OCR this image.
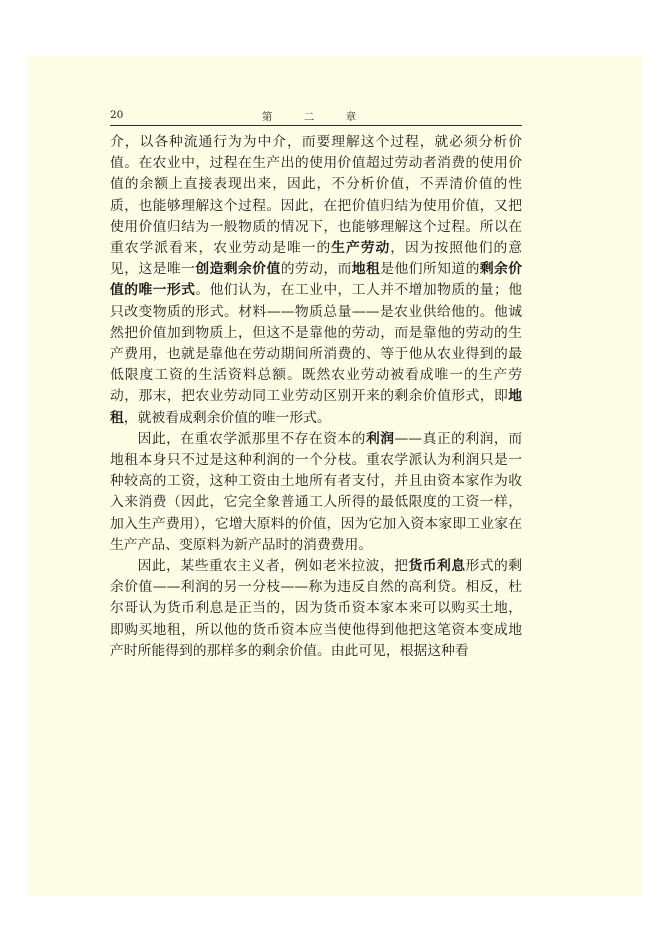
20	第 二 章

介，以各种流通行为为中介，而要理解这个过程，就必须分析价值。在农业中，过程在生产出的使用价值超过劳动者消费的使用价值的余额上直接表现出来，因此，不分析价值，不弄清价值的性质，也能够理解这个过程。因此，在把价值归结为使用价值，又把使用价值归结为一般物质的情况下，也能够理解这个过程。所以在重农学派看来，农业劳动是唯一的生产劳动，因为按照他们的意见，这是唯一创造剩余价值的劳动，而地租是他们所知道的剩余价值的唯一形式。他们认为，在工业中，工人并不增加物质的量；他只改变物质的形式。材料——物质总量——是农业供给他的。他诚然把价值加到物质上，但这不是靠他的劳动，而是靠他的劳动的生产费用，也就是靠他在劳动期间所消费的、等于他从农业得到的最低限度工资的生活资料总额。既然农业劳动被看成唯一的生产劳动，那末，把农业劳动同工业劳动区别开来的剩余价值形式，即地租，就被看成剩余价值的唯一形式。

因此，在重农学派那里不存在资本的利润——真正的利润，而地租本身只不过是这种利润的一个分枝。重农学派认为利润只是一种较高的工资，这种工资由土地所有者支付，并且由资本家作为收入来消费（因此，它完全象普通工人所得的最低限度的工资一样，加入生产费用），它增大原料的价值，因为它加入资本家即工业家在生产产品、变原料为新产品时的消费费用。

因此，某些重农主义者，例如老米拉波，把货币利息形式的剩余价值——利润的另一分枝——称为违反自然的高利贷。相反，杜尔哥认为货币利息是正当的，因为货币资本家本来可以购买土地，即购买地租，所以他的货币资本应当使他得到他把这笔资本变成地产时所能得到的那样多的剩余价值。由此可见，根据这种看
